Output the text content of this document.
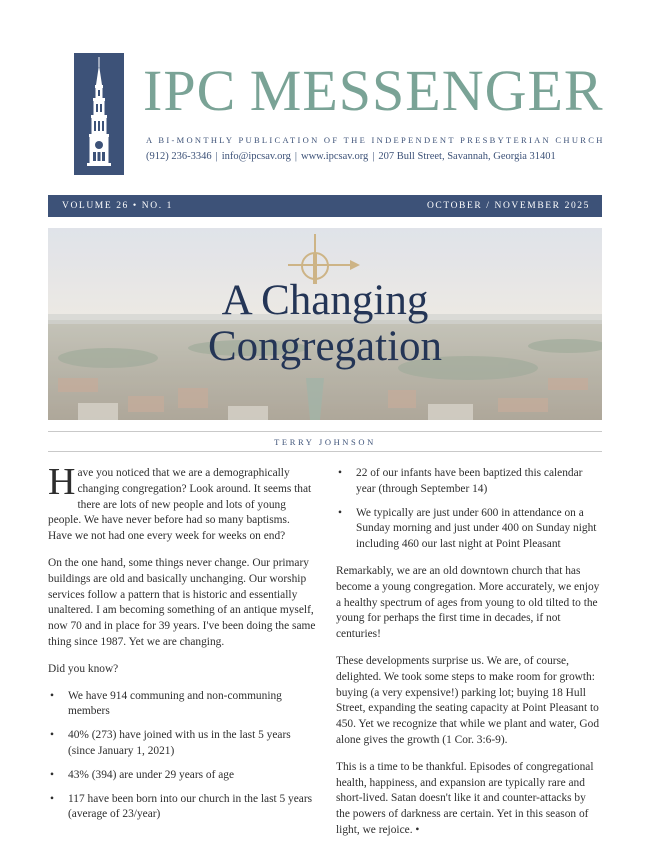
IPC MESSENGER
A BI-MONTHLY PUBLICATION OF THE INDEPENDENT PRESBYTERIAN CHURCH
(912) 236-3346 | info@ipcsav.org | www.ipcsav.org | 207 Bull Street, Savannah, Georgia 31401
VOLUME 26 • NO. 1	OCTOBER / NOVEMBER 2025
A Changing
Congregation
TERRY JOHNSON

Have you noticed that we are a demographically changing congregation? Look around. It seems that there are lots of new people and lots of young people. We have never before had so many baptisms. Have we not had one every week for weeks on end?

On the one hand, some things never change. Our primary buildings are old and basically unchanging. Our worship services follow a pattern that is historic and essentially unaltered. I am becoming something of an antique myself, now 70 and in place for 39 years. I've been doing the same thing since 1987. Yet we are changing.

Did you know?

• We have 914 communing and non-communing members
• 40% (273) have joined with us in the last 5 years (since January 1, 2021)
• 43% (394) are under 29 years of age
• 117 have been born into our church in the last 5 years (average of 23/year)
• 22 of our infants have been baptized this calendar year (through September 14)
• We typically are just under 600 in attendance on a Sunday morning and just under 400 on Sunday night including 460 our last night at Point Pleasant

Remarkably, we are an old downtown church that has become a young congregation. More accurately, we enjoy a healthy spectrum of ages from young to old tilted to the young for perhaps the first time in decades, if not centuries!

These developments surprise us. We are, of course, delighted. We took some steps to make room for growth: buying (a very expensive!) parking lot; buying 18 Hull Street, expanding the seating capacity at Point Pleasant to 450. Yet we recognize that while we plant and water, God alone gives the growth (1 Cor. 3:6-9).

This is a time to be thankful. Episodes of congregational health, happiness, and expansion are typically rare and short-lived. Satan doesn't like it and counter-attacks by the powers of darkness are certain. Yet in this season of light, we rejoice. •
